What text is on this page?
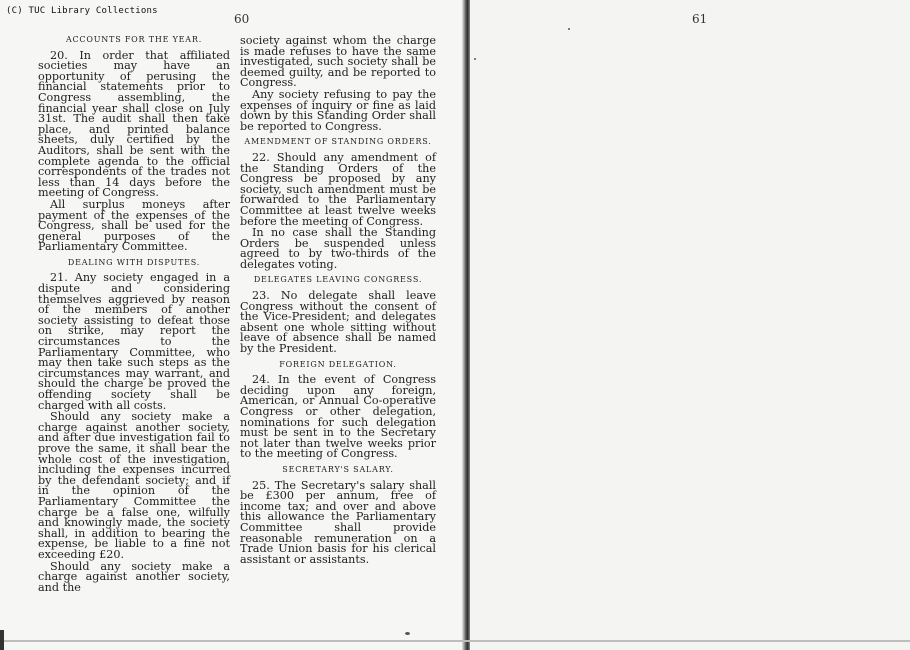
(C) TUC Library Collections
60
ACCOUNTS FOR THE YEAR.

20. In order that affiliated societies may have an opportunity of perusing the financial statements prior to Congress assembling, the financial year shall close on July 31st. The audit shall then take place, and printed balance sheets, duly certified by the Auditors, shall be sent with the complete agenda to the official correspondents of the trades not less than 14 days before the meeting of Congress.

All surplus moneys after payment of the expenses of the Congress, shall be used for the general purposes of the Parliamentary Committee.

DEALING WITH DISPUTES.

21. Any society engaged in a dispute and considering themselves aggrieved by reason of the members of another society assisting to defeat those on strike, may report the circumstances to the Parliamentary Committee, who may then take such steps as the circumstances may warrant, and should the charge be proved the offending society shall be charged with all costs.

Should any society make a charge against another society, and after due investigation fail to prove the same, it shall bear the whole cost of the investigation, including the expenses incurred by the defendant society; and if in the opinion of the Parliamentary Committee the charge be a false one, wilfully and knowingly made, the society shall, in addition to bearing the expense, be liable to a fine not exceeding £20.

Should any society make a charge against another society, and the

society against whom the charge is made refuses to have the same investigated, such society shall be deemed guilty, and be reported to Congress.

Any society refusing to pay the expenses of inquiry or fine as laid down by this Standing Order shall be reported to Congress.

AMENDMENT OF STANDING ORDERS.

22. Should any amendment of the Standing Orders of the Congress be proposed by any society, such amendment must be forwarded to the Parliamentary Committee at least twelve weeks before the meeting of Congress.

In no case shall the Standing Orders be suspended unless agreed to by two-thirds of the delegates voting.

DELEGATES LEAVING CONGRESS.

23. No delegate shall leave Congress without the consent of the Vice-President; and delegates absent one whole sitting without leave of absence shall be named by the President.

FOREIGN DELEGATION.

24. In the event of Congress deciding upon any foreign, American, or Annual Co-operative Congress or other delegation, nominations for such delegation must be sent in to the Secretary not later than twelve weeks prior to the meeting of Congress.

SECRETARY'S SALARY.

25. The Secretary's salary shall be £300 per annum, free of income tax; and over and above this allowance the Parliamentary Committee shall provide reasonable remuneration on a Trade Union basis for his clerical assistant or assistants.

61
